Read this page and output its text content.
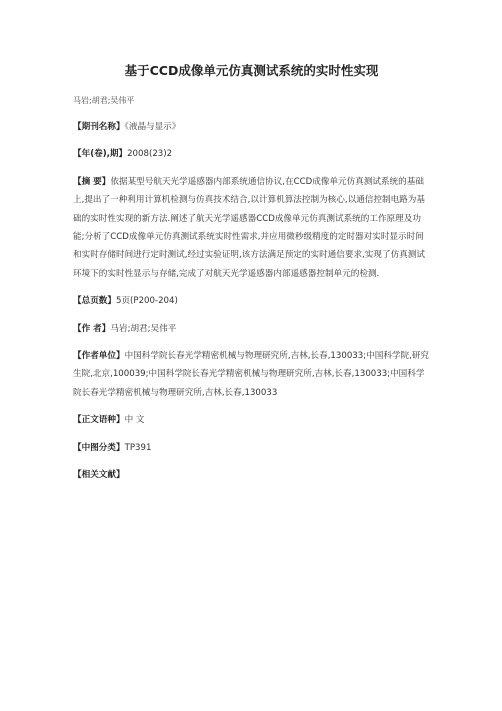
基于CCD成像单元仿真测试系统的实时性实现
马岩;胡君;吴伟平
【期刊名称】《液晶与显示》
【年(卷),期】2008(23)2
【摘 要】依据某型号航天光学遥感器内部系统通信协议,在CCD成像单元仿真测试系统的基础上,提出了一种利用计算机检测与仿真技术结合,以计算机算法控制为核心,以通信控制电路为基础的实时性实现的新方法.阐述了航天光学遥感器CCD成像单元仿真测试系统的工作原理及功能;分析了CCD成像单元仿真测试系统实时性需求,并应用微秒级精度的定时器对实时显示时间和实时存储时间进行定时测试,经过实验证明,该方法满足预定的实时通信要求,实现了仿真测试环境下的实时性显示与存储,完成了对航天光学遥感器内部遥感器控制单元的检测.
【总页数】5页(P200-204)
【作 者】马岩;胡君;吴伟平
【作者单位】中国科学院长春光学精密机械与物理研究所,吉林,长春,130033;中国科学院,研究生院,北京,100039;中国科学院长春光学精密机械与物理研究所,吉林,长春,130033;中国科学院长春光学精密机械与物理研究所,吉林,长春,130033
【正文语种】中 文
【中图分类】TP391
【相关文献】
